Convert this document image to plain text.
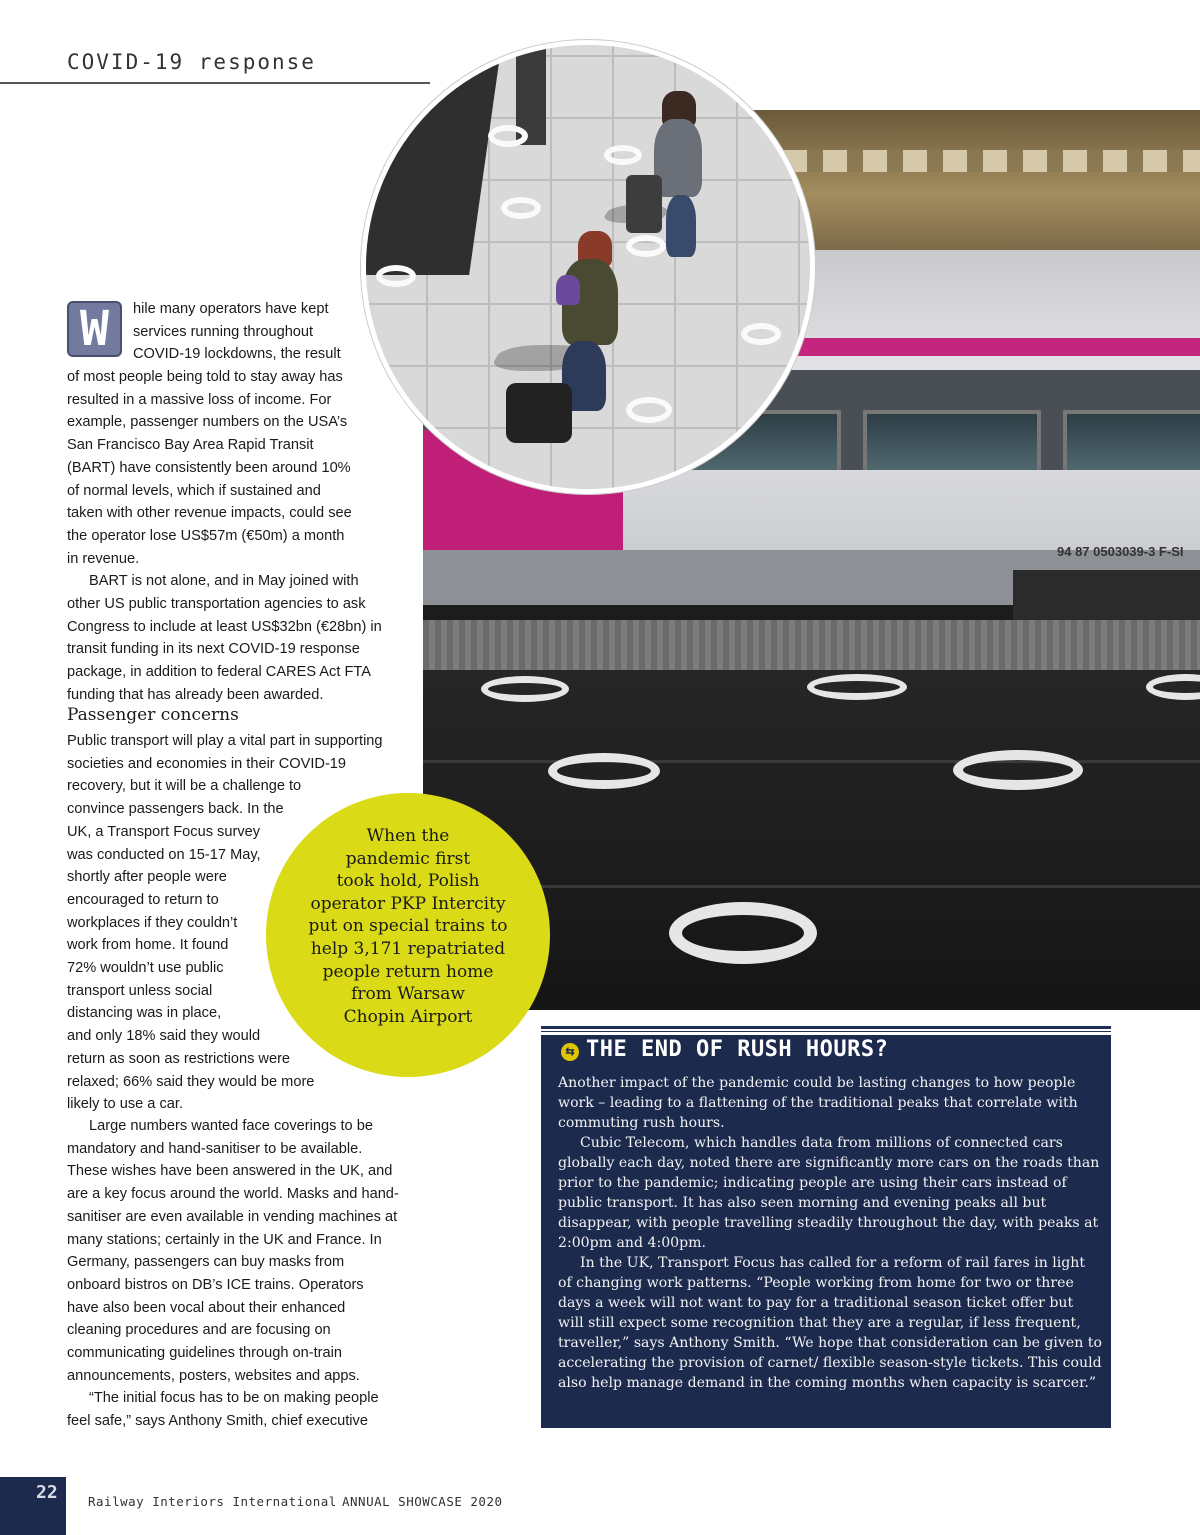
COVID-19 response
94 87 0503039-3 F-SI
W	hile many operators have kept

services running throughout

COVID-19 lockdowns, the result

of most people being told to stay away has resulted in a massive loss of income. For example, passenger numbers on the USA’s San Francisco Bay Area Rapid Transit (BART) have consistently been around 10% of normal levels, which if sustained and taken with other revenue impacts, could see the operator lose US$57m (€50m) a month in revenue.

BART is not alone, and in May joined with other US public transportation agencies to ask Congress to include at least US$32bn (€28bn) in transit funding in its next COVID-19 response package, in addition to federal CARES Act FTA funding that has already been awarded.

Passenger concerns

Public transport will play a vital part in supporting

societies and economies in their COVID-19

recovery, but it will be a challenge to

convince passengers back. In the

UK, a Transport Focus survey

was conducted on 15-17 May,

shortly after people were

encouraged to return to

workplaces if they couldn’t

work from home. It found

72% wouldn’t use public

transport unless social

distancing was in place,

and only 18% said they would

return as soon as restrictions were

relaxed; 66% said they would be more

likely to use a car.

Large numbers wanted face coverings to be mandatory and hand-sanitiser to be available. These wishes have been answered in the UK, and are a key focus around the world. Masks and hand-sanitiser are even available in vending machines at many stations; certainly in the UK and France. In Germany, passengers can buy masks from onboard bistros on DB’s ICE trains. Operators have also been vocal about their enhanced cleaning procedures and are focusing on communicating guidelines through on-train announcements, posters, websites and apps.

“The initial focus has to be on making people feel safe,” says Anthony Smith, chief executive

When the
pandemic first
took hold, Polish
operator PKP Intercity
put on special trains to
help 3,171 repatriated
people return home
from Warsaw
Chopin Airport
⇆ THE END OF RUSH HOURS?

Another impact of the pandemic could be lasting changes to how people work – leading to a flattening of the traditional peaks that correlate with commuting rush hours.

Cubic Telecom, which handles data from millions of connected cars globally each day, noted there are significantly more cars on the roads than prior to the pandemic; indicating people are using their cars instead of public transport. It has also seen morning and evening peaks all but disappear, with people travelling steadily throughout the day, with peaks at 2:00pm and 4:00pm.

In the UK, Transport Focus has called for a reform of rail fares in light of changing work patterns. “People working from home for two or three days a week will not want to pay for a traditional season ticket offer but will still expect some recognition that they are a regular, if less frequent, traveller,” says Anthony Smith. “We hope that consideration can be given to accelerating the provision of carnet/ flexible season-style tickets. This could also help manage demand in the coming months when capacity is scarcer.”

22 Railway Interiors International ANNUAL SHOWCASE 2020
